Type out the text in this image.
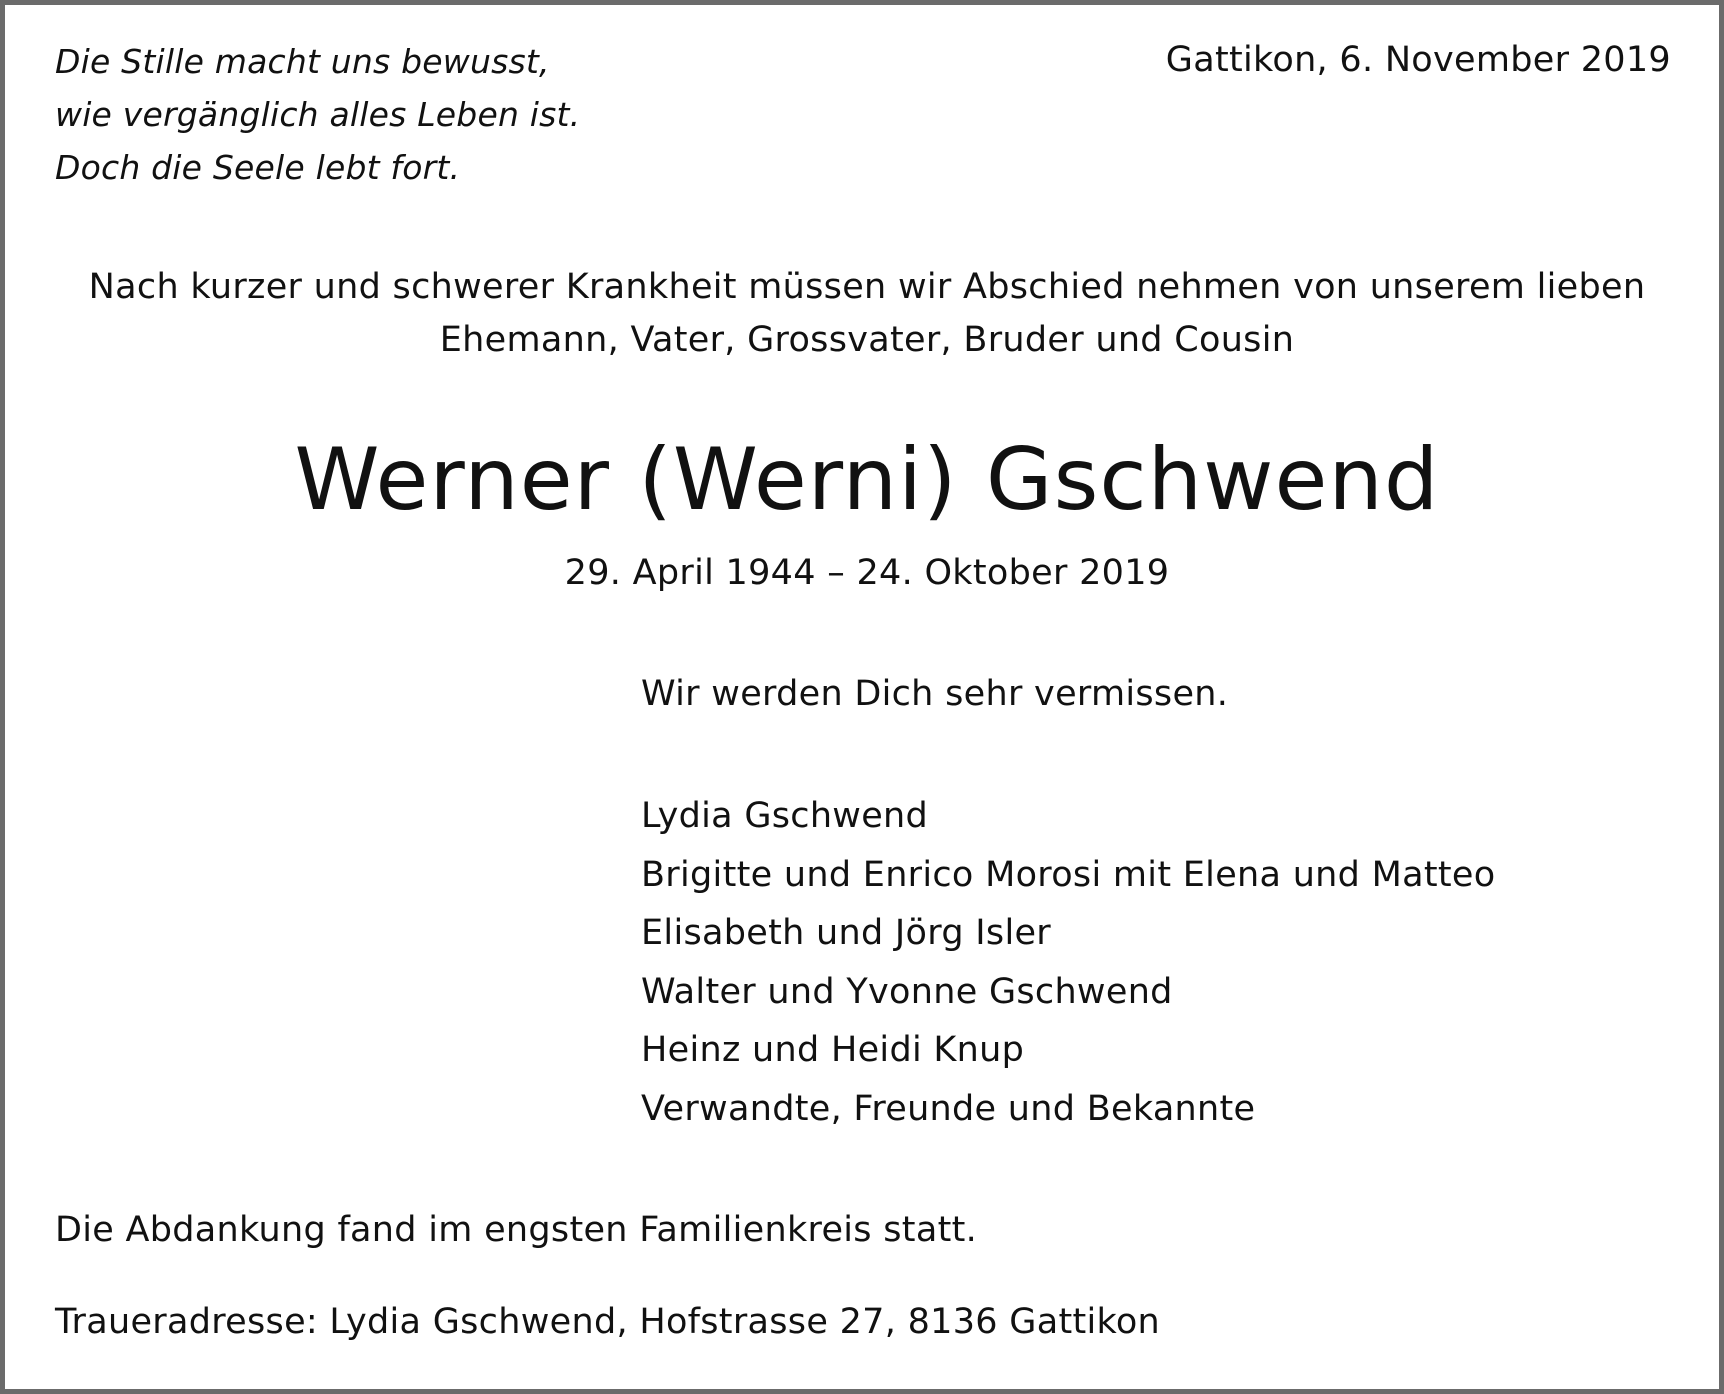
Die Stille macht uns bewusst,
wie vergänglich alles Leben ist.
Doch die Seele lebt fort.
Gattikon, 6. November 2019
Nach kurzer und schwerer Krankheit müssen wir Abschied nehmen von unserem lieben
Ehemann, Vater, Grossvater, Bruder und Cousin
Werner (Werni) Gschwend
29. April 1944 – 24. Oktober 2019
Wir werden Dich sehr vermissen.
Lydia Gschwend
Brigitte und Enrico Morosi mit Elena und Matteo
Elisabeth und Jörg Isler
Walter und Yvonne Gschwend
Heinz und Heidi Knup
Verwandte, Freunde und Bekannte
Die Abdankung fand im engsten Familienkreis statt.
Traueradresse: Lydia Gschwend, Hofstrasse 27, 8136 Gattikon
